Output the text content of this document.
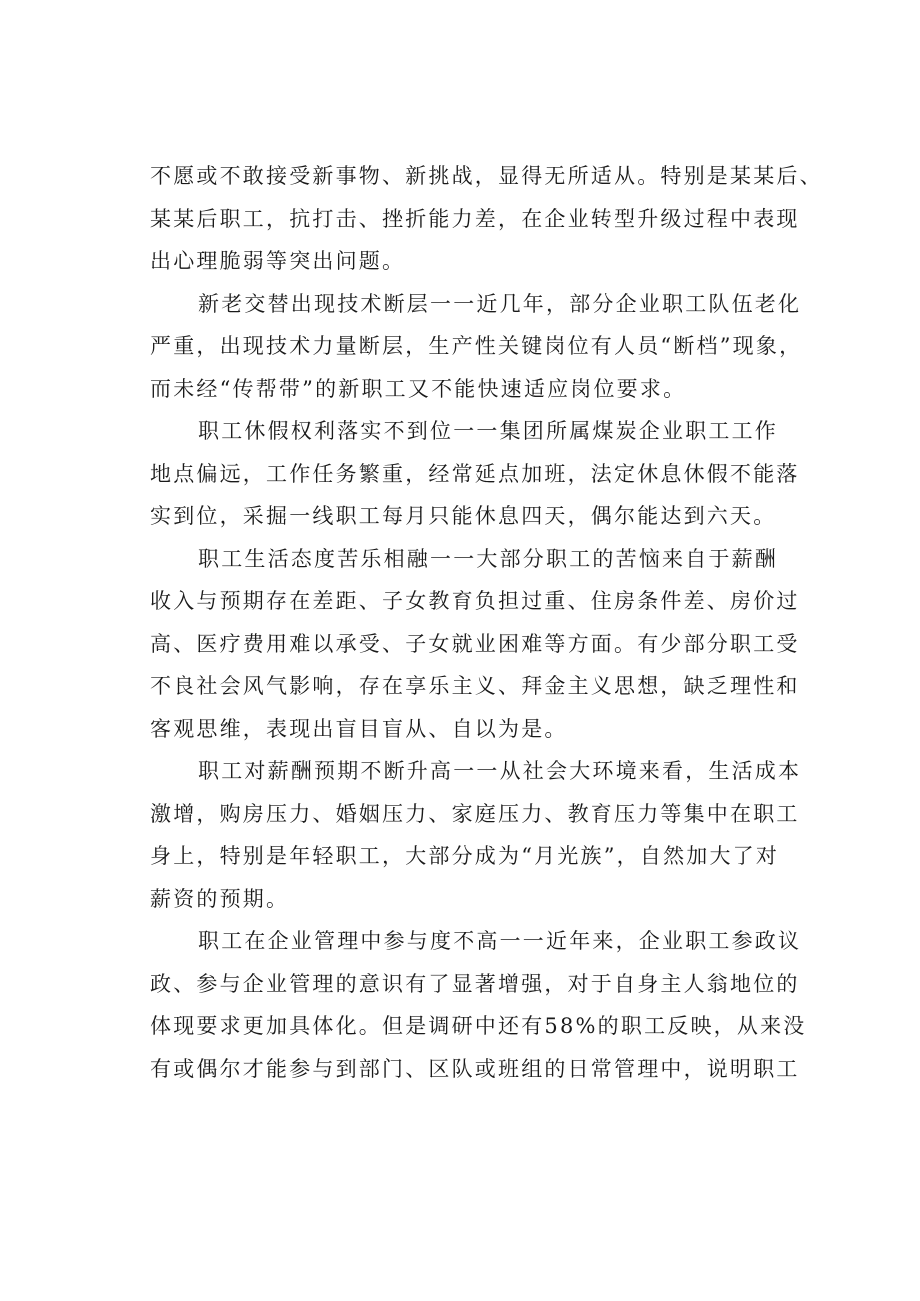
不愿或不敢接受新事物、新挑战，显得无所适从。特别是某某后、
某某后职工，抗打击、挫折能力差，在企业转型升级过程中表现
出心理脆弱等突出问题。

新老交替出现技术断层一一近几年，部分企业职工队伍老化
严重，出现技术力量断层，生产性关键岗位有人员“断档”现象，
而未经“传帮带”的新职工又不能快速适应岗位要求。

职工休假权利落实不到位一一集团所属煤炭企业职工工作
地点偏远，工作任务繁重，经常延点加班，法定休息休假不能落
实到位，采掘一线职工每月只能休息四天，偶尔能达到六天。

职工生活态度苦乐相融一一大部分职工的苦恼来自于薪酬
收入与预期存在差距、子女教育负担过重、住房条件差、房价过
高、医疗费用难以承受、子女就业困难等方面。有少部分职工受
不良社会风气影响，存在享乐主义、拜金主义思想，缺乏理性和
客观思维，表现出盲目盲从、自以为是。

职工对薪酬预期不断升高一一从社会大环境来看，生活成本
激增，购房压力、婚姻压力、家庭压力、教育压力等集中在职工
身上，特别是年轻职工，大部分成为“月光族”，自然加大了对
薪资的预期。

职工在企业管理中参与度不高一一近年来，企业职工参政议
政、参与企业管理的意识有了显著增强，对于自身主人翁地位的
体现要求更加具体化。但是调研中还有58%的职工反映，从来没
有或偶尔才能参与到部门、区队或班组的日常管理中，说明职工
